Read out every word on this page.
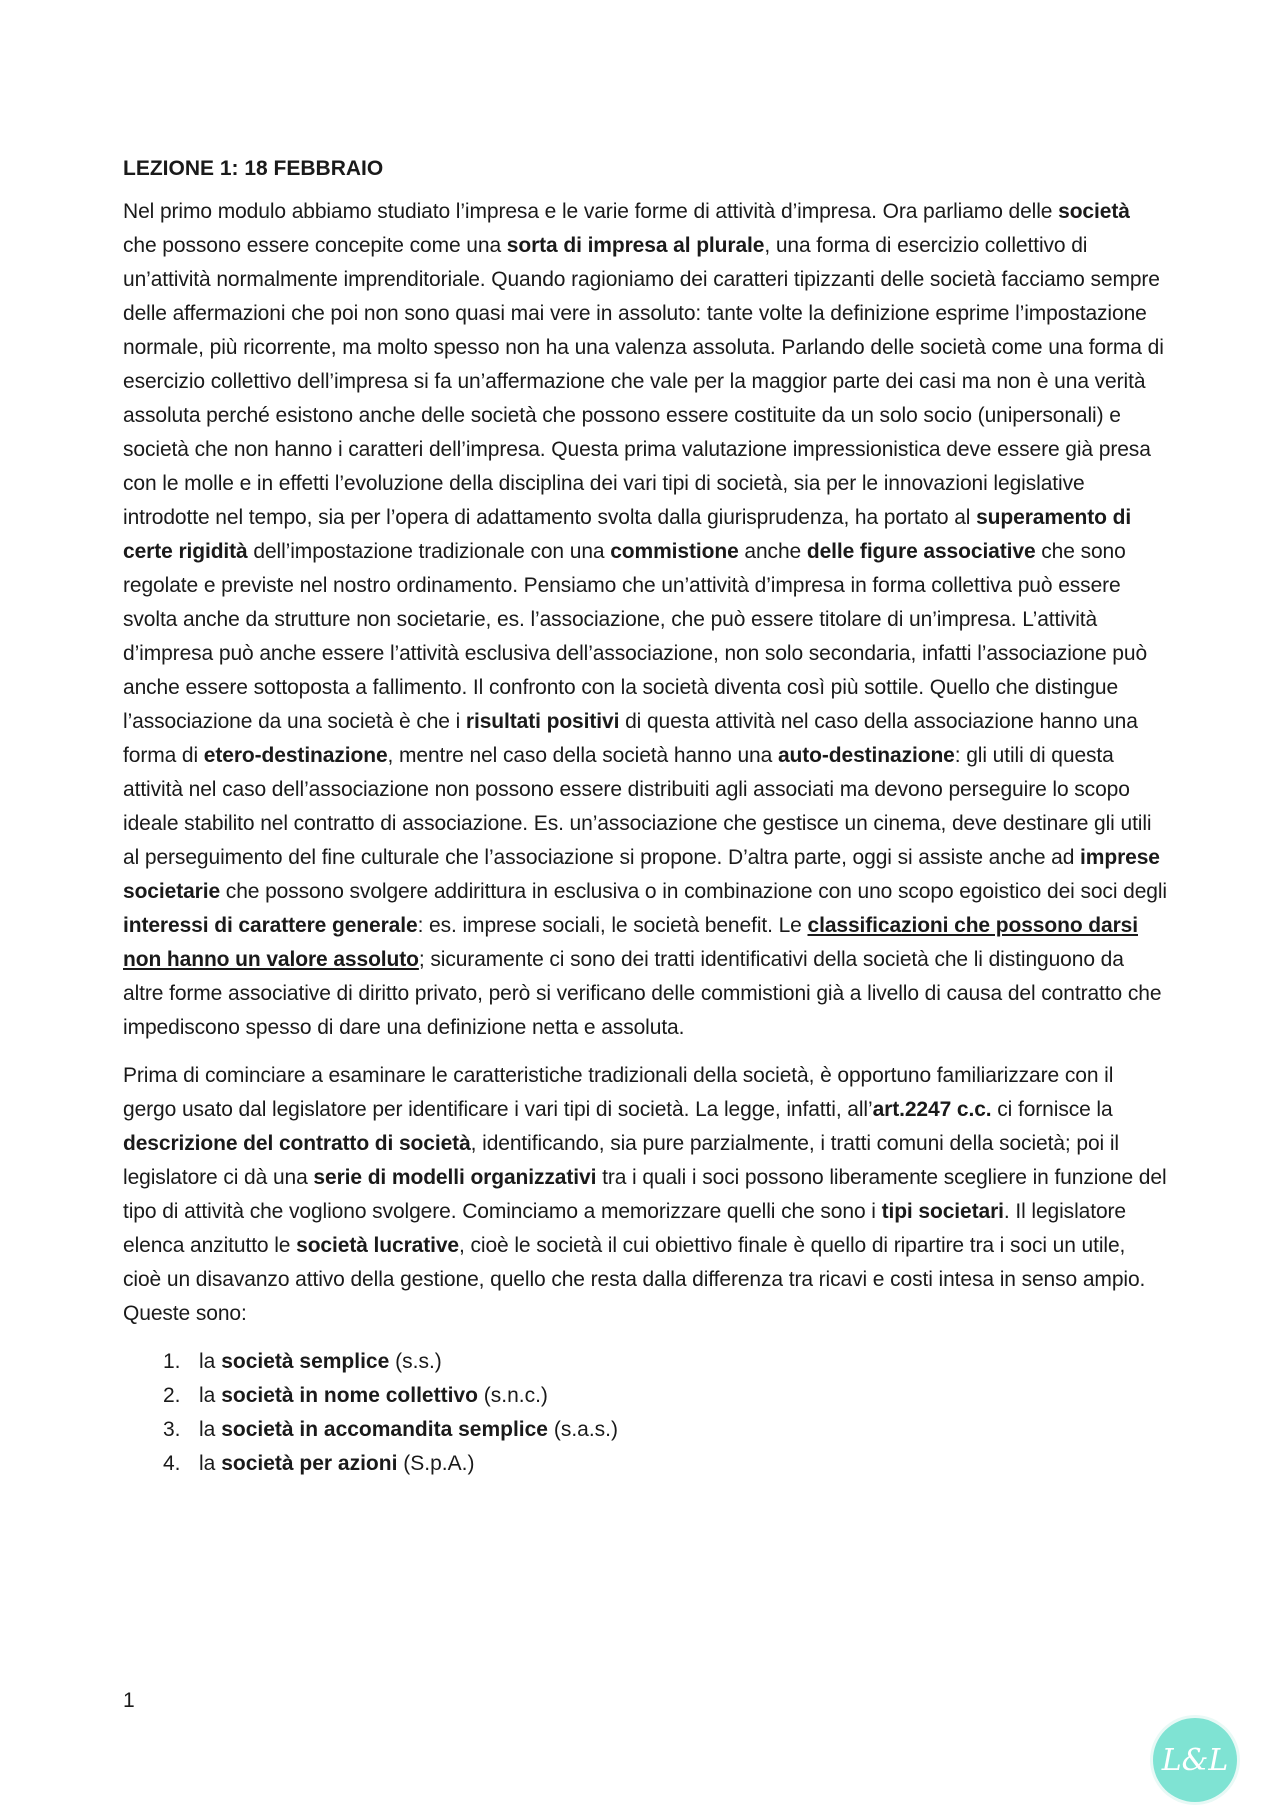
LEZIONE 1: 18 FEBBRAIO

Nel primo modulo abbiamo studiato l’impresa e le varie forme di attività d’impresa. Ora parliamo delle società che possono essere concepite come una sorta di impresa al plurale, una forma di esercizio collettivo di un’attività normalmente imprenditoriale. Quando ragioniamo dei caratteri tipizzanti delle società facciamo sempre delle affermazioni che poi non sono quasi mai vere in assoluto: tante volte la definizione esprime l’impostazione normale, più ricorrente, ma molto spesso non ha una valenza assoluta. Parlando delle società come una forma di esercizio collettivo dell’impresa si fa un’affermazione che vale per la maggior parte dei casi ma non è una verità assoluta perché esistono anche delle società che possono essere costituite da un solo socio (unipersonali) e società che non hanno i caratteri dell’impresa. Questa prima valutazione impressionistica deve essere già presa con le molle e in effetti l’evoluzione della disciplina dei vari tipi di società, sia per le innovazioni legislative introdotte nel tempo, sia per l’opera di adattamento svolta dalla giurisprudenza, ha portato al superamento di certe rigidità dell’impostazione tradizionale con una commistione anche delle figure associative che sono regolate e previste nel nostro ordinamento. Pensiamo che un’attività d’impresa in forma collettiva può essere svolta anche da strutture non societarie, es. l’associazione, che può essere titolare di un’impresa. L’attività d’impresa può anche essere l’attività esclusiva dell’associazione, non solo secondaria, infatti l’associazione può anche essere sottoposta a fallimento. Il confronto con la società diventa così più sottile. Quello che distingue l’associazione da una società è che i risultati positivi di questa attività nel caso della associazione hanno una forma di etero-destinazione, mentre nel caso della società hanno una auto-destinazione: gli utili di questa attività nel caso dell’associazione non possono essere distribuiti agli associati ma devono perseguire lo scopo ideale stabilito nel contratto di associazione. Es. un’associazione che gestisce un cinema, deve destinare gli utili al perseguimento del fine culturale che l’associazione si propone. D’altra parte, oggi si assiste anche ad imprese societarie che possono svolgere addirittura in esclusiva o in combinazione con uno scopo egoistico dei soci degli interessi di carattere generale: es. imprese sociali, le società benefit. Le classificazioni che possono darsi non hanno un valore assoluto; sicuramente ci sono dei tratti identificativi della società che li distinguono da altre forme associative di diritto privato, però si verificano delle commistioni già a livello di causa del contratto che impediscono spesso di dare una definizione netta e assoluta.

Prima di cominciare a esaminare le caratteristiche tradizionali della società, è opportuno familiarizzare con il gergo usato dal legislatore per identificare i vari tipi di società. La legge, infatti, all’art.2247 c.c. ci fornisce la descrizione del contratto di società, identificando, sia pure parzialmente, i tratti comuni della società; poi il legislatore ci dà una serie di modelli organizzativi tra i quali i soci possono liberamente scegliere in funzione del tipo di attività che vogliono svolgere. Cominciamo a memorizzare quelli che sono i tipi societari. Il legislatore elenca anzitutto le società lucrative, cioè le società il cui obiettivo finale è quello di ripartire tra i soci un utile, cioè un disavanzo attivo della gestione, quello che resta dalla differenza tra ricavi e costi intesa in senso ampio. Queste sono:

1. la società semplice (s.s.)
2. la società in nome collettivo (s.n.c.)
3. la società in accomandita semplice (s.a.s.)
4. la società per azioni (S.p.A.)
1
L&L
